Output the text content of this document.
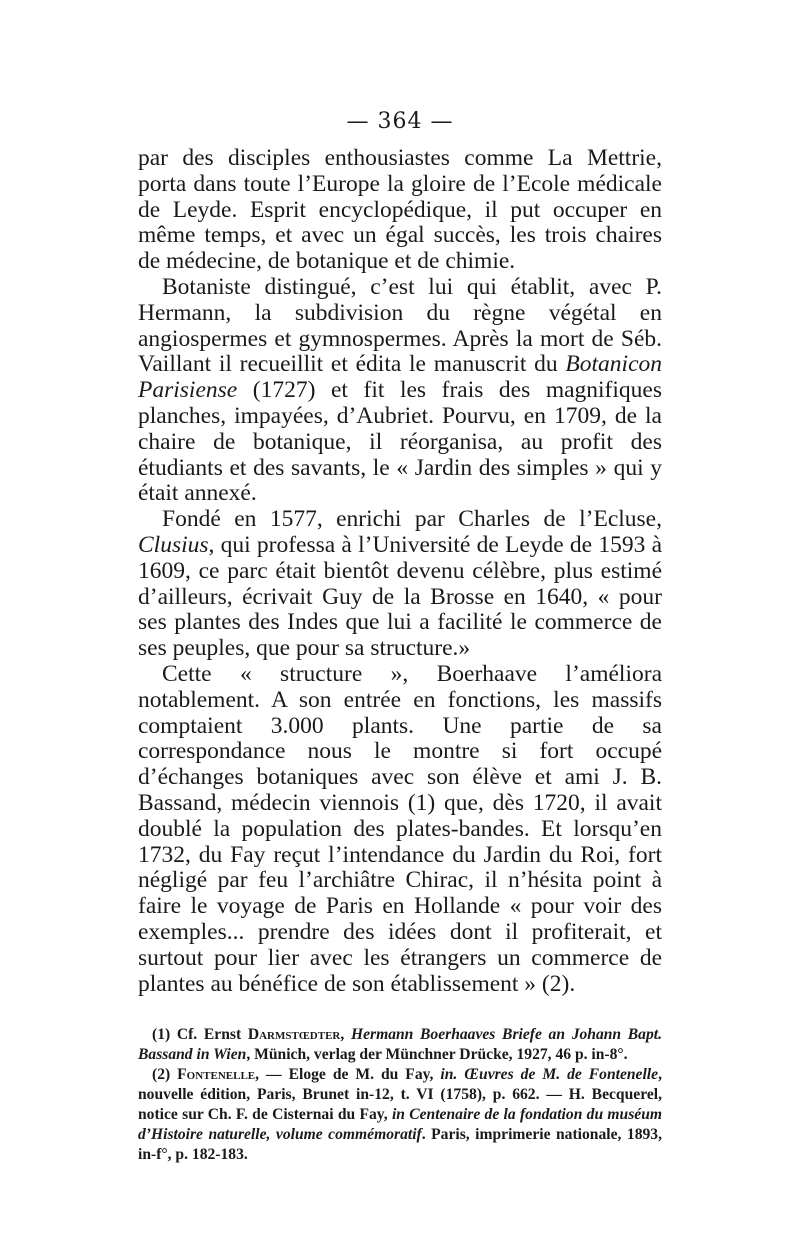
— 364 —

par des disciples enthousiastes comme La Mettrie, porta dans toute l’Europe la gloire de l’Ecole médicale de Leyde. Esprit encyclopédique, il put occuper en même temps, et avec un égal succès, les trois chaires de médecine, de botanique et de chimie.

Botaniste distingué, c’est lui qui établit, avec P. Hermann, la subdivision du règne végétal en angiospermes et gymnospermes. Après la mort de Séb. Vaillant il recueillit et édita le manuscrit du Botanicon Parisiense (1727) et fit les frais des magnifiques planches, impayées, d’Aubriet. Pourvu, en 1709, de la chaire de botanique, il réorganisa, au profit des étudiants et des savants, le « Jardin des simples » qui y était annexé.

Fondé en 1577, enrichi par Charles de l’Ecluse, Clusius, qui professa à l’Université de Leyde de 1593 à 1609, ce parc était bientôt devenu célèbre, plus estimé d’ailleurs, écrivait Guy de la Brosse en 1640, « pour ses plantes des Indes que lui a facilité le commerce de ses peuples, que pour sa structure.»

Cette « structure », Boerhaave l’améliora notablement. A son entrée en fonctions, les massifs comptaient 3.000 plants. Une partie de sa correspondance nous le montre si fort occupé d’échanges botaniques avec son élève et ami J. B. Bassand, médecin viennois (1) que, dès 1720, il avait doublé la population des plates-bandes. Et lorsqu’en 1732, du Fay reçut l’intendance du Jardin du Roi, fort négligé par feu l’archiâtre Chirac, il n’hésita point à faire le voyage de Paris en Hollande « pour voir des exemples... prendre des idées dont il profiterait, et surtout pour lier avec les étrangers un commerce de plantes au bénéfice de son établissement » (2).

(1) Cf. Ernst Darmstœdter, Hermann Boerhaaves Briefe an Johann Bapt. Bassand in Wien, Münich, verlag der Münchner Drücke, 1927, 46 p. in-8°.

(2) Fontenelle, — Eloge de M. du Fay, in. Œuvres de M. de Fontenelle, nouvelle édition, Paris, Brunet in-12, t. VI (1758), p. 662. — H. Becquerel, notice sur Ch. F. de Cisternai du Fay, in Centenaire de la fondation du muséum d’Histoire naturelle, volume commémoratif. Paris, imprimerie nationale, 1893, in-f°, p. 182-183.
